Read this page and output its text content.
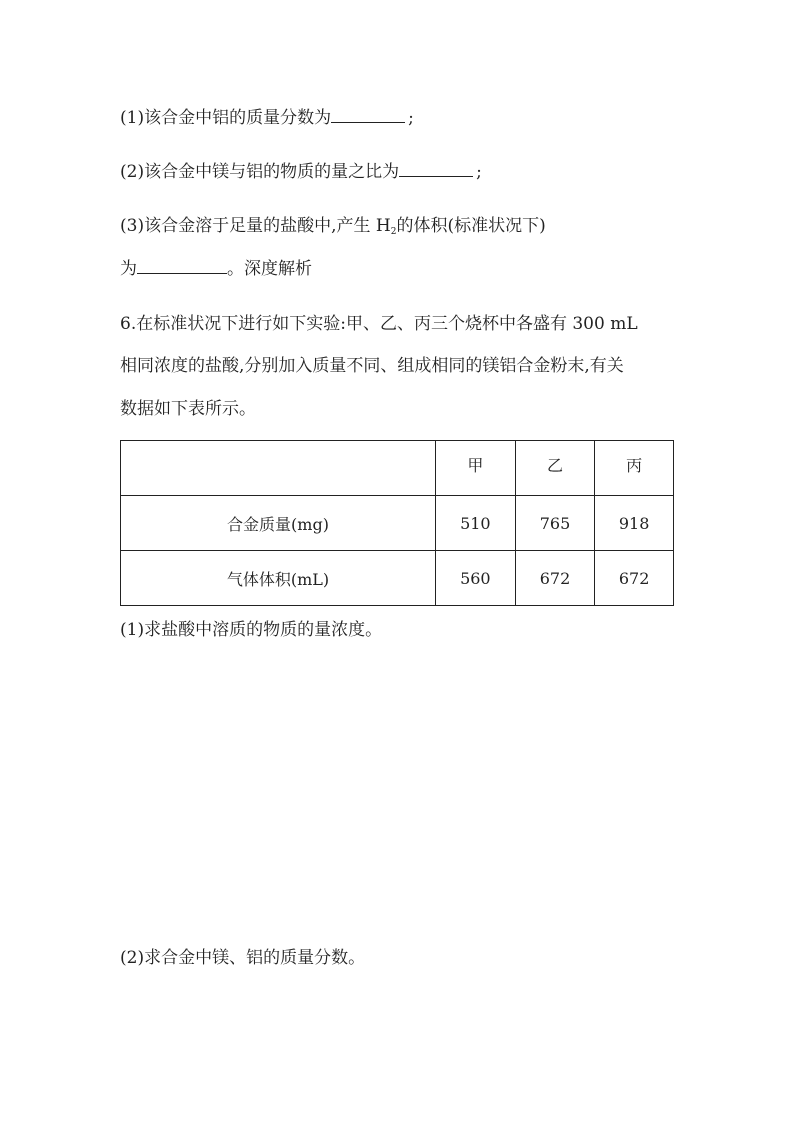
(1)该合金中铝的质量分数为	;
(2)该合金中镁与铝的物质的量之比为	;
(3)该合金溶于足量的盐酸中,产生 $H_2$的体积(标准状况下)
为	。深度解析
6.在标准状况下进行如下实验:甲、乙、丙三个烧杯中各盛有 300 mL
相同浓度的盐酸,分别加入质量不同、组成相同的镁铝合金粉末,有关
数据如下表所示。
	甲	乙	丙
合金质量(mg)	510	765	918
气体体积(mL)	560	672	672
(1)求盐酸中溶质的物质的量浓度。
(2)求合金中镁、铝的质量分数。
